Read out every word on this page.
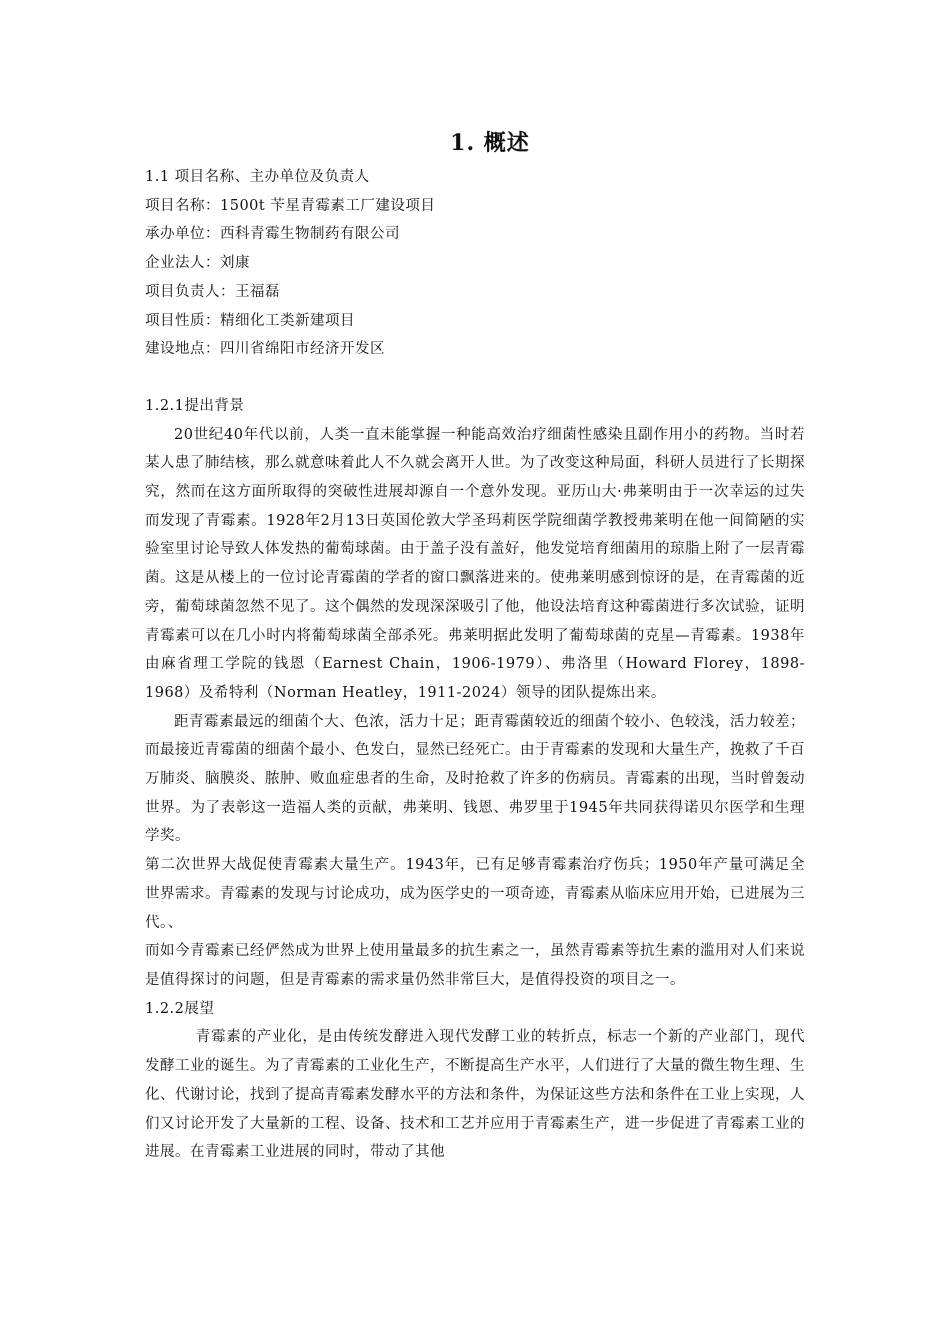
1. 概述

1.1 项目名称、主办单位及负责人

项目名称：1500t 苄星青霉素工厂建设项目

承办单位：西科青霉生物制药有限公司

企业法人：刘康

项目负责人：王福磊

项目性质：精细化工类新建项目

建设地点：四川省绵阳市经济开发区

1.2.1提出背景

20世纪40年代以前，人类一直未能掌握一种能高效治疗细菌性感染且副作用小的药物。当时若某人患了肺结核，那么就意味着此人不久就会离开人世。为了改变这种局面，科研人员进行了长期探究，然而在这方面所取得的突破性进展却源自一个意外发现。亚历山大·弗莱明由于一次幸运的过失而发现了青霉素。1928年2月13日英国伦敦大学圣玛莉医学院细菌学教授弗莱明在他一间简陋的实验室里讨论导致人体发热的葡萄球菌。由于盖子没有盖好，他发觉培育细菌用的琼脂上附了一层青霉菌。这是从楼上的一位讨论青霉菌的学者的窗口飘落进来的。使弗莱明感到惊讶的是，在青霉菌的近旁，葡萄球菌忽然不见了。这个偶然的发现深深吸引了他，他设法培育这种霉菌进行多次试验，证明青霉素可以在几小时内将葡萄球菌全部杀死。弗莱明据此发明了葡萄球菌的克星—青霉素。1938年由麻省理工学院的钱恩（Earnest Chain，1906-1979）、弗洛里（Howard Florey，1898-1968）及希特利（Norman Heatley，1911-2024）领导的团队提炼出来。

距青霉素最远的细菌个大、色浓，活力十足；距青霉菌较近的细菌个较小、色较浅，活力较差；而最接近青霉菌的细菌个最小、色发白，显然已经死亡。由于青霉素的发现和大量生产，挽救了千百万肺炎、脑膜炎、脓肿、败血症患者的生命，及时抢救了许多的伤病员。青霉素的出现，当时曾轰动世界。为了表彰这一造福人类的贡献，弗莱明、钱恩、弗罗里于1945年共同获得诺贝尔医学和生理学奖。

第二次世界大战促使青霉素大量生产。1943年，已有足够青霉素治疗伤兵；1950年产量可满足全世界需求。青霉素的发现与讨论成功，成为医学史的一项奇迹，青霉素从临床应用开始，已进展为三代。、

而如今青霉素已经俨然成为世界上使用量最多的抗生素之一，虽然青霉素等抗生素的滥用对人们来说是值得探讨的问题，但是青霉素的需求量仍然非常巨大，是值得投资的项目之一。

1.2.2展望

青霉素的产业化，是由传统发酵进入现代发酵工业的转折点，标志一个新的产业部门，现代发酵工业的诞生。为了青霉素的工业化生产，不断提高生产水平，人们进行了大量的微生物生理、生化、代谢讨论，找到了提高青霉素发酵水平的方法和条件，为保证这些方法和条件在工业上实现，人们又讨论开发了大量新的工程、设备、技术和工艺并应用于青霉素生产，进一步促进了青霉素工业的进展。在青霉素工业进展的同时，带动了其他
